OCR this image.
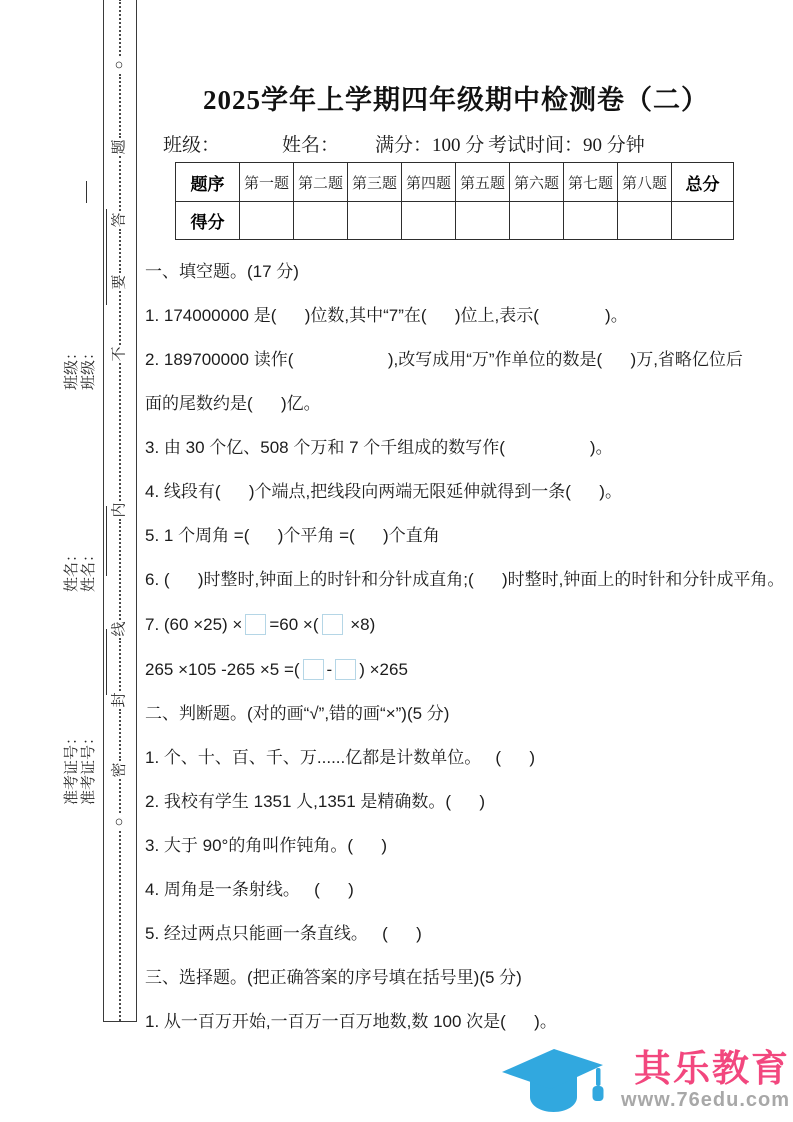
班级： 班级：
姓名： 姓名：
准考证号： 准考证号：
○
题
答
要
不
内
线
封
密
○
2025学年上学期四年级期中检测卷（二）
班级：	姓名： 满分：100 分 考试时间：90 分钟
题序	第一题	第二题	第三题	第四题	第五题	第六题	第七题	第八题	总分
得分									
一、填空题。(17 分)
1. 174000000 是(      )位数,其中“7”在(      )位上,表示(              )。
2. 189700000 读作(                    ),改写成用“万”作单位的数是(      )万,省略亿位后
面的尾数约是(      )亿。
3. 由 30 个亿、508 个万和 7 个千组成的数写作(                  )。
4. 线段有(      )个端点,把线段向两端无限延伸就得到一条(      )。
5. 1 个周角 =(      )个平角 =(      )个直角
6. (      )时整时,钟面上的时针和分针成直角;(      )时整时,钟面上的时针和分针成平角。
7. (60 ×25) × =60 ×( ×8)
265 ×105 -265 ×5 =( - ) ×265
二、判断题。(对的画“√”,错的画“×”)(5 分)
1. 个、十、百、千、万......亿都是计数单位。   (      )
2. 我校有学生 1351 人,1351 是精确数。(      )
3. 大于 90°的角叫作钝角。(      )
4. 周角是一条射线。   (      )
5. 经过两点只能画一条直线。   (      )
三、选择题。(把正确答案的序号填在括号里)(5 分)
1. 从一百万开始,一百万一百万地数,数 100 次是(      )。
其乐教育
www.76edu.com
